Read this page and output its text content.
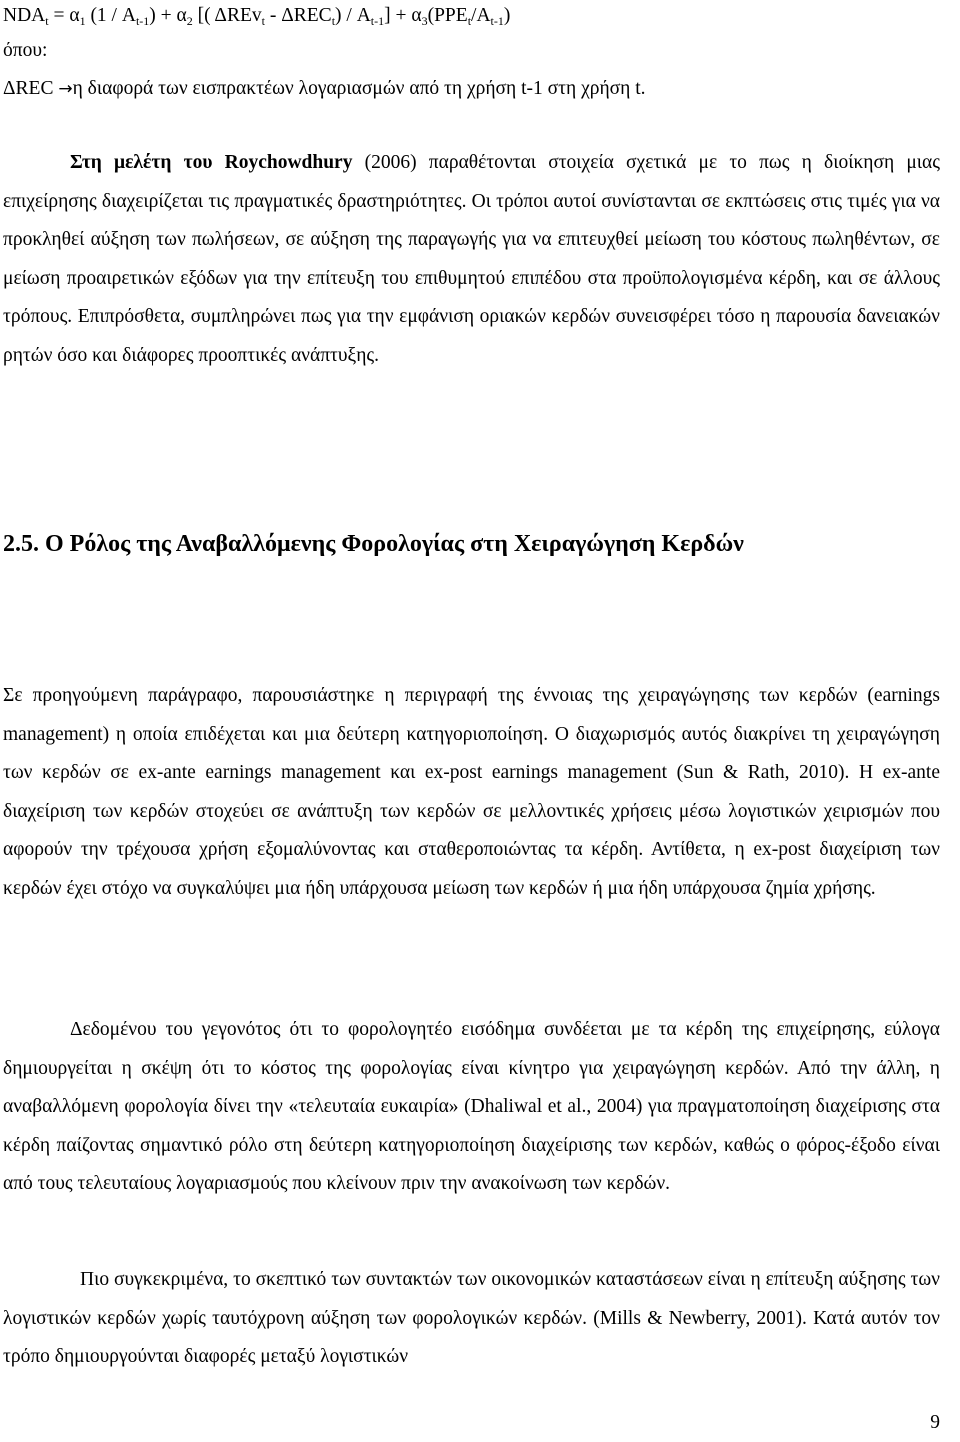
$NDA_t = \alpha_1$ $(1 / A_{t-1}) + \alpha_2$ [( $\Delta REv_t - \Delta REC_t) / A_{t-1}] + \alpha_3(PPE_t/A_{t-1})$
όπου:
ΔREC →η διαφορά των εισπρακτέων λογαριασμών από τη χρήση t-1 στη χρήση t.

Στη μελέτη του Roychowdhury (2006) παραθέτονται στοιχεία σχετικά με το πως η διοίκηση μιας επιχείρησης διαχειρίζεται τις πραγματικές δραστηριότητες. Οι τρόποι αυτοί συνίστανται σε εκπτώσεις στις τιμές για να προκληθεί αύξηση των πωλήσεων, σε αύξηση της παραγωγής για να επιτευχθεί μείωση του κόστους πωληθέντων, σε μείωση προαιρετικών εξόδων για την επίτευξη του επιθυμητού επιπέδου στα προϋπολογισμένα κέρδη, και σε άλλους τρόπους. Επιπρόσθετα, συμπληρώνει πως για την εμφάνιση οριακών κερδών συνεισφέρει τόσο η παρουσία δανειακών ρητών όσο και διάφορες προοπτικές ανάπτυξης.

2.5. Ο Ρόλος της Αναβαλλόμενης Φορολογίας στη Χειραγώγηση Κερδών

Σε προηγούμενη παράγραφο, παρουσιάστηκε η περιγραφή της έννοιας της χειραγώγησης των κερδών (earnings management) η οποία επιδέχεται και μια δεύτερη κατηγοριοποίηση. Ο διαχωρισμός αυτός διακρίνει τη χειραγώγηση των κερδών σε ex-ante earnings management και ex-post earnings management (Sun & Rath, 2010). Η ex-ante διαχείριση των κερδών στοχεύει σε ανάπτυξη των κερδών σε μελλοντικές χρήσεις μέσω λογιστικών χειρισμών που αφορούν την τρέχουσα χρήση εξομαλύνοντας και σταθεροποιώντας τα κέρδη. Αντίθετα, η ex-post διαχείριση των κερδών έχει στόχο να συγκαλύψει μια ήδη υπάρχουσα μείωση των κερδών ή μια ήδη υπάρχουσα ζημία χρήσης.

Δεδομένου του γεγονότος ότι το φορολογητέο εισόδημα συνδέεται με τα κέρδη της επιχείρησης, εύλογα δημιουργείται η σκέψη ότι το κόστος της φορολογίας είναι κίνητρο για χειραγώγηση κερδών. Από την άλλη, η αναβαλλόμενη φορολογία δίνει την «τελευταία ευκαιρία» (Dhaliwal et al., 2004) για πραγματοποίηση διαχείρισης στα κέρδη παίζοντας σημαντικό ρόλο στη δεύτερη κατηγοριοποίηση διαχείρισης των κερδών, καθώς ο φόρος-έξοδο είναι από τους τελευταίους λογαριασμούς που κλείνουν πριν την ανακοίνωση των κερδών.

Πιο συγκεκριμένα, το σκεπτικό των συντακτών των οικονομικών καταστάσεων είναι η επίτευξη αύξησης των λογιστικών κερδών χωρίς ταυτόχρονη αύξηση των φορολογικών κερδών. (Mills & Newberry, 2001). Κατά αυτόν τον τρόπο δημιουργούνται διαφορές μεταξύ λογιστικών

9
